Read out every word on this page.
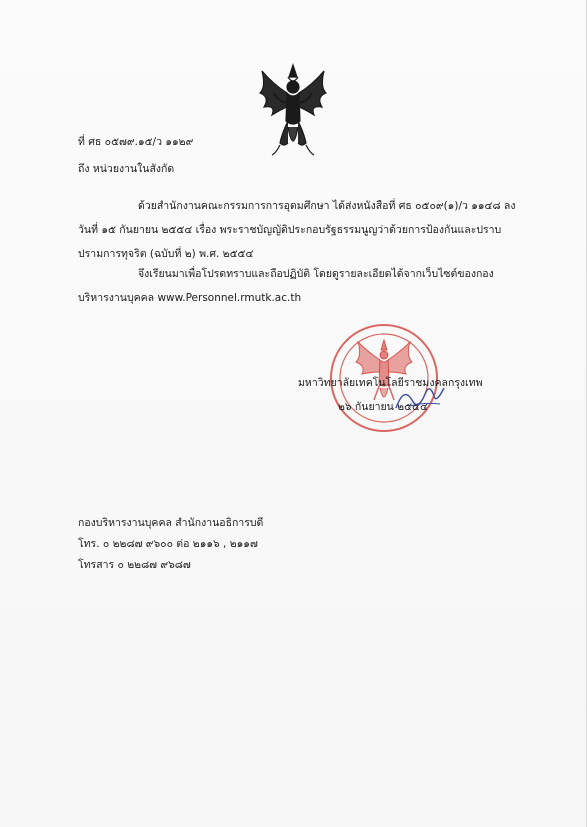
ที่ ศธ ๐๕๗๙.๑๕/ว ๑๑๒๙
ถึง หน่วยงานในสังกัด
ด้วยสำนักงานคณะกรรมการการอุดมศึกษา ได้ส่งหนังสือที่ ศธ ๐๕๐๙(๑)/ว ๑๑๔๘ ลงวันที่ ๑๕ กันยายน ๒๕๕๔ เรื่อง พระราชบัญญัติประกอบรัฐธรรมนูญว่าด้วยการป้องกันและปราบปรามการทุจริต (ฉบับที่ ๒) พ.ศ. ๒๕๕๔
จึงเรียนมาเพื่อโปรดทราบและถือปฏิบัติ โดยดูรายละเอียดได้จากเว็บไซต์ของกองบริหารงานบุคคล www.Personnel.rmutk.ac.th
มหาวิทยาลัยเทคโนโลยีราชมงคลกรุงเทพ
๒๖ กันยายน ๒๕๕๔
กองบริหารงานบุคคล สำนักงานอธิการบดี
โทร. ๐ ๒๒๘๗ ๙๖๐๐ ต่อ ๒๑๑๖ , ๒๑๑๗
โทรสาร ๐ ๒๒๘๗ ๙๖๘๗
